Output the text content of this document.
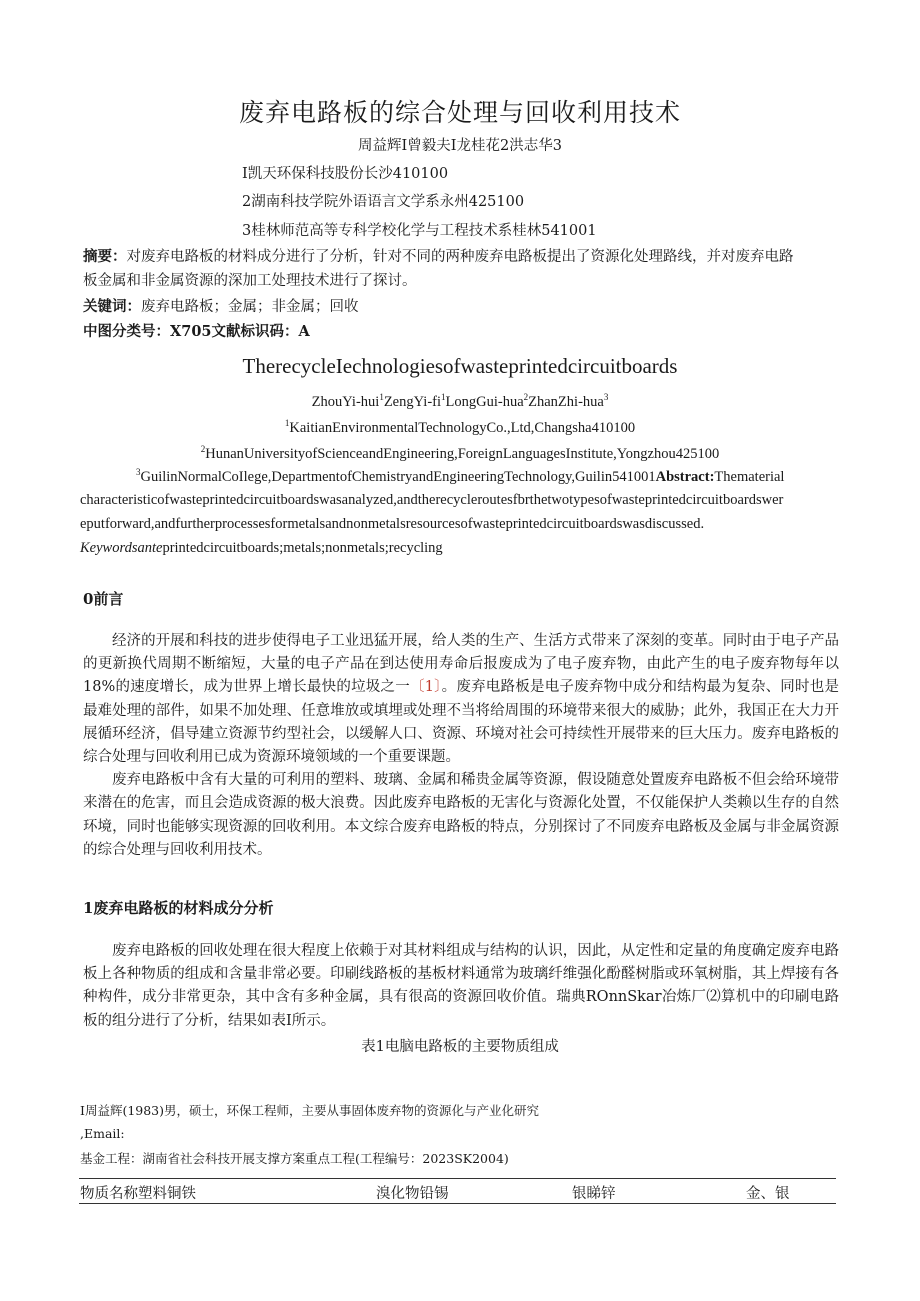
废弃电路板的综合处理与回收利用技术
周益辉I曾毅夫I龙桂花2洪志华3
I凯天环保科技股份长沙410100
2湖南科技学院外语语言文学系永州425100
3桂林师范高等专科学校化学与工程技术系桂林541001
摘要：对废弃电路板的材料成分进行了分析，针对不同的两种废弃电路板提出了资源化处理路线，并对废弃电路
板金属和非金属资源的深加工处理技术进行了探讨。
关键词：废弃电路板；金属；非金属；回收
中图分类号：X705文献标识码：A
TherecycleIechnologiesofwasteprintedcircuitboards
ZhouYi-$hui^1ZengYi-fi^1LongGui-hua^2ZhanZhi-hua^3$
$^1$KaitianEnvironmentalTechnologyCo.,Ltd,Changsha410100
$^2$HunanUniversityofScienceandEngineering,ForeignLanguagesInstitute,Yongzhou425100
$^3$GuilinNormalCoIlege,DepartmentofChemistryandEngineeringTechnology,Guilin541001Abstract:Thematerial
characteristicofwasteprintedcircuitboardswasanalyzed,andtherecycleroutesfbrthetwotypesofwasteprintedcircuitboardswer
eputforward,andfurtherprocessesformetalsandnonmetalsresourcesofwasteprintedcircuitboardswasdiscussed.
Keywordsanteprintedcircuitboards;metals;nonmetals;recycling
0前言

经济的开展和科技的进步使得电子工业迅猛开展，给人类的生产、生活方式带来了深刻的变革。同时由于电子产品的更新换代周期不断缩短，大量的电子产品在到达使用寿命后报废成为了电子废弃物，由此产生的电子废弃物每年以18%的速度增长，成为世界上增长最快的垃圾之一〔1〕。废弃电路板是电子废弃物中成分和结构最为复杂、同时也是最难处理的部件，如果不加处理、任意堆放或填埋或处理不当将给周围的环境带来很大的威胁；此外，我国正在大力开展循环经济，倡导建立资源节约型社会，以缓解人口、资源、环境对社会可持续性开展带来的巨大压力。废弃电路板的综合处理与回收利用已成为资源环境领域的一个重要课题。

废弃电路板中含有大量的可利用的塑料、玻璃、金属和稀贵金属等资源，假设随意处置废弃电路板不但会给环境带来潜在的危害，而且会造成资源的极大浪费。因此废弃电路板的无害化与资源化处置，不仅能保护人类赖以生存的自然环境，同时也能够实现资源的回收利用。本文综合废弃电路板的特点，分别探讨了不同废弃电路板及金属与非金属资源的综合处理与回收利用技术。

1废弃电路板的材料成分分析

废弃电路板的回收处理在很大程度上依赖于对其材料组成与结构的认识，因此，从定性和定量的角度确定废弃电路板上各种物质的组成和含量非常必要。印刷线路板的基板材料通常为玻璃纤维强化酚醛树脂或环氧树脂，其上焊接有各种构件，成分非常更杂，其中含有多种金属，具有很高的资源回收价值。瑞典ROnnSkar冶炼厂⑵算机中的印刷电路板的组分进行了分析，结果如表I所示。

表1电脑电路板的主要物质组成
I周益辉(1983)男，硕士，环保工程师，主要从事固体废弃物的资源化与产业化研究
,Email:
基金工程：湖南省社会科技开展支撑方案重点工程(工程编号：2023SK2004)
物质名称塑料铜铁	溴化物铅锡	银睇锌	金、银
